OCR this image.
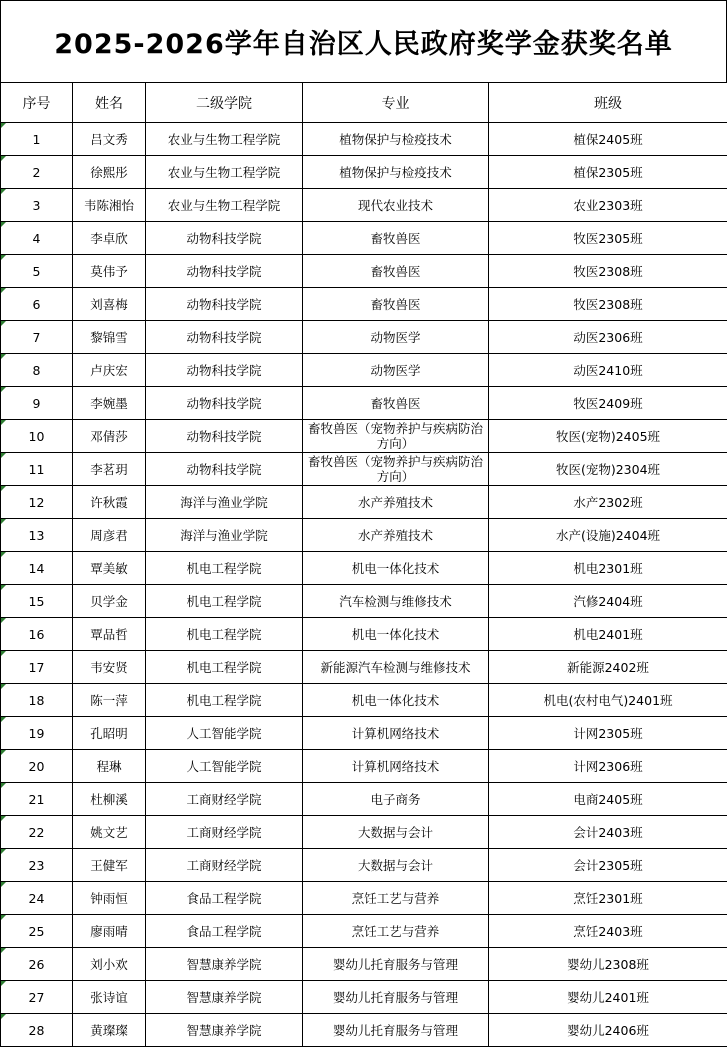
2025-2026学年自治区人民政府奖学金获奖名单
序号	姓名	二级学院	专业	班级
1	吕文秀	农业与生物工程学院	植物保护与检疫技术	植保2405班
2	徐熙彤	农业与生物工程学院	植物保护与检疫技术	植保2305班
3	韦陈湘怡	农业与生物工程学院	现代农业技术	农业2303班
4	李卓欣	动物科技学院	畜牧兽医	牧医2305班
5	莫伟予	动物科技学院	畜牧兽医	牧医2308班
6	刘喜梅	动物科技学院	畜牧兽医	牧医2308班
7	黎锦雪	动物科技学院	动物医学	动医2306班
8	卢庆宏	动物科技学院	动物医学	动医2410班
9	李婉墨	动物科技学院	畜牧兽医	牧医2409班
10	邓倩莎	动物科技学院	畜牧兽医（宠物养护与疾病防治方向）	牧医(宠物)2405班
11	李茗玥	动物科技学院	畜牧兽医（宠物养护与疾病防治方向）	牧医(宠物)2304班
12	许秋霞	海洋与渔业学院	水产养殖技术	水产2302班
13	周彦君	海洋与渔业学院	水产养殖技术	水产(设施)2404班
14	覃美敏	机电工程学院	机电一体化技术	机电2301班
15	贝学金	机电工程学院	汽车检测与维修技术	汽修2404班
16	覃品哲	机电工程学院	机电一体化技术	机电2401班
17	韦安贤	机电工程学院	新能源汽车检测与维修技术	新能源2402班
18	陈一萍	机电工程学院	机电一体化技术	机电(农村电气)2401班
19	孔昭明	人工智能学院	计算机网络技术	计网2305班
20	程琳	人工智能学院	计算机网络技术	计网2306班
21	杜柳溪	工商财经学院	电子商务	电商2405班
22	姚文艺	工商财经学院	大数据与会计	会计2403班
23	王健军	工商财经学院	大数据与会计	会计2305班
24	钟雨恒	食品工程学院	烹饪工艺与营养	烹饪2301班
25	廖雨晴	食品工程学院	烹饪工艺与营养	烹饪2403班
26	刘小欢	智慧康养学院	婴幼儿托育服务与管理	婴幼儿2308班
27	张诗谊	智慧康养学院	婴幼儿托育服务与管理	婴幼儿2401班
28	黄璨璨	智慧康养学院	婴幼儿托育服务与管理	婴幼儿2406班
